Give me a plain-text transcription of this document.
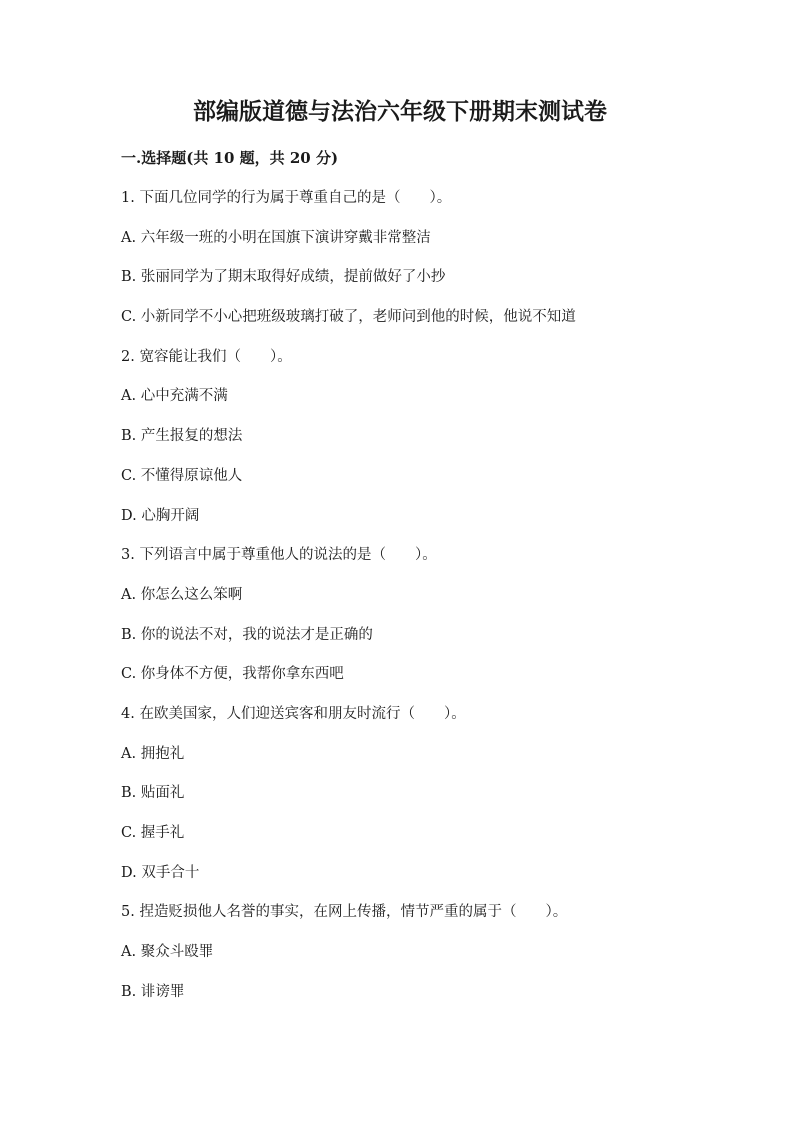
部编版道德与法治六年级下册期末测试卷
一.选择题(共 10 题，共 20 分)
1. 下面几位同学的行为属于尊重自己的是（　　）。
A. 六年级一班的小明在国旗下演讲穿戴非常整洁
B. 张丽同学为了期末取得好成绩，提前做好了小抄
C. 小新同学不小心把班级玻璃打破了，老师问到他的时候，他说不知道
2. 宽容能让我们（　　）。
A. 心中充满不满
B. 产生报复的想法
C. 不懂得原谅他人
D. 心胸开阔
3. 下列语言中属于尊重他人的说法的是（　　）。
A. 你怎么这么笨啊
B. 你的说法不对，我的说法才是正确的
C. 你身体不方便，我帮你拿东西吧
4. 在欧美国家，人们迎送宾客和朋友时流行（　　）。
A. 拥抱礼
B. 贴面礼
C. 握手礼
D. 双手合十
5. 捏造贬损他人名誉的事实，在网上传播，情节严重的属于（　　）。
A. 聚众斗殴罪
B. 诽谤罪
